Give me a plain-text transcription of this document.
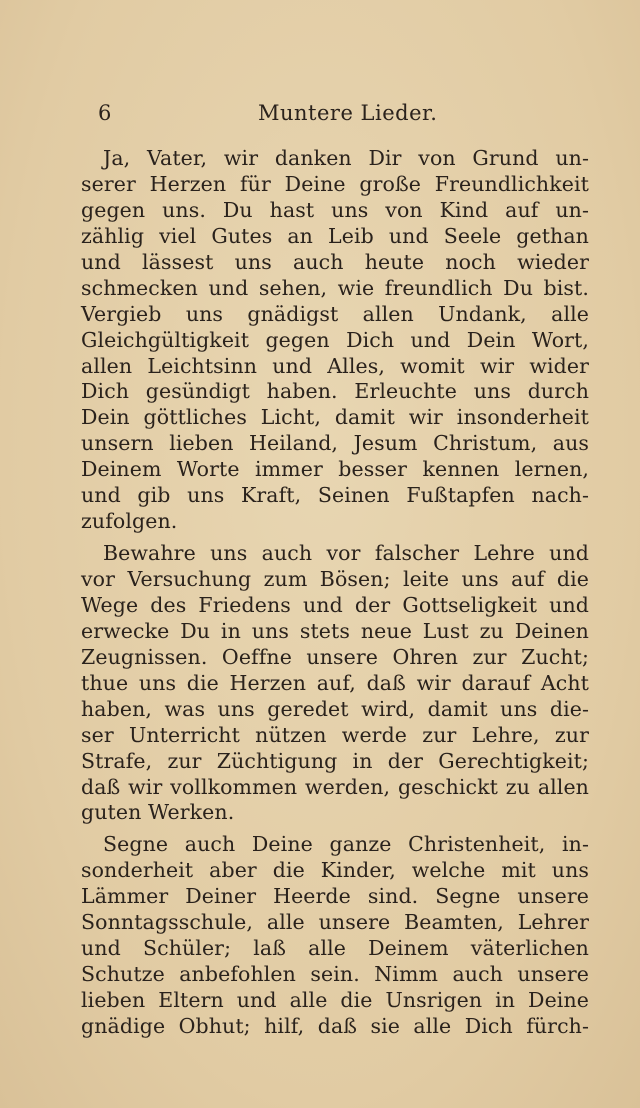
6	Muntere Lieder.
Ja, Vater, wir danken Dir von Grund un-
serer Herzen für Deine große Freundlichkeit
gegen uns. Du hast uns von Kind auf un-
zählig viel Gutes an Leib und Seele gethan
und lässest uns auch heute noch wieder
schmecken und sehen, wie freundlich Du bist.
Vergieb uns gnädigst allen Undank, alle
Gleichgültigkeit gegen Dich und Dein Wort,
allen Leichtsinn und Alles, womit wir wider
Dich gesündigt haben. Erleuchte uns durch
Dein göttliches Licht, damit wir insonderheit
unsern lieben Heiland, Jesum Christum, aus
Deinem Worte immer besser kennen lernen,
und gib uns Kraft, Seinen Fußtapfen nach-
zufolgen.
Bewahre uns auch vor falscher Lehre und
vor Versuchung zum Bösen; leite uns auf die
Wege des Friedens und der Gottseligkeit und
erwecke Du in uns stets neue Lust zu Deinen
Zeugnissen. Oeffne unsere Ohren zur Zucht;
thue uns die Herzen auf, daß wir darauf Acht
haben, was uns geredet wird, damit uns die-
ser Unterricht nützen werde zur Lehre, zur
Strafe, zur Züchtigung in der Gerechtigkeit;
daß wir vollkommen werden, geschickt zu allen
guten Werken.
Segne auch Deine ganze Christenheit, in-
sonderheit aber die Kinder, welche mit uns
Lämmer Deiner Heerde sind. Segne unsere
Sonntagsschule, alle unsere Beamten, Lehrer
und Schüler; laß alle Deinem väterlichen
Schutze anbefohlen sein. Nimm auch unsere
lieben Eltern und alle die Unsrigen in Deine
gnädige Obhut; hilf, daß sie alle Dich fürch-
